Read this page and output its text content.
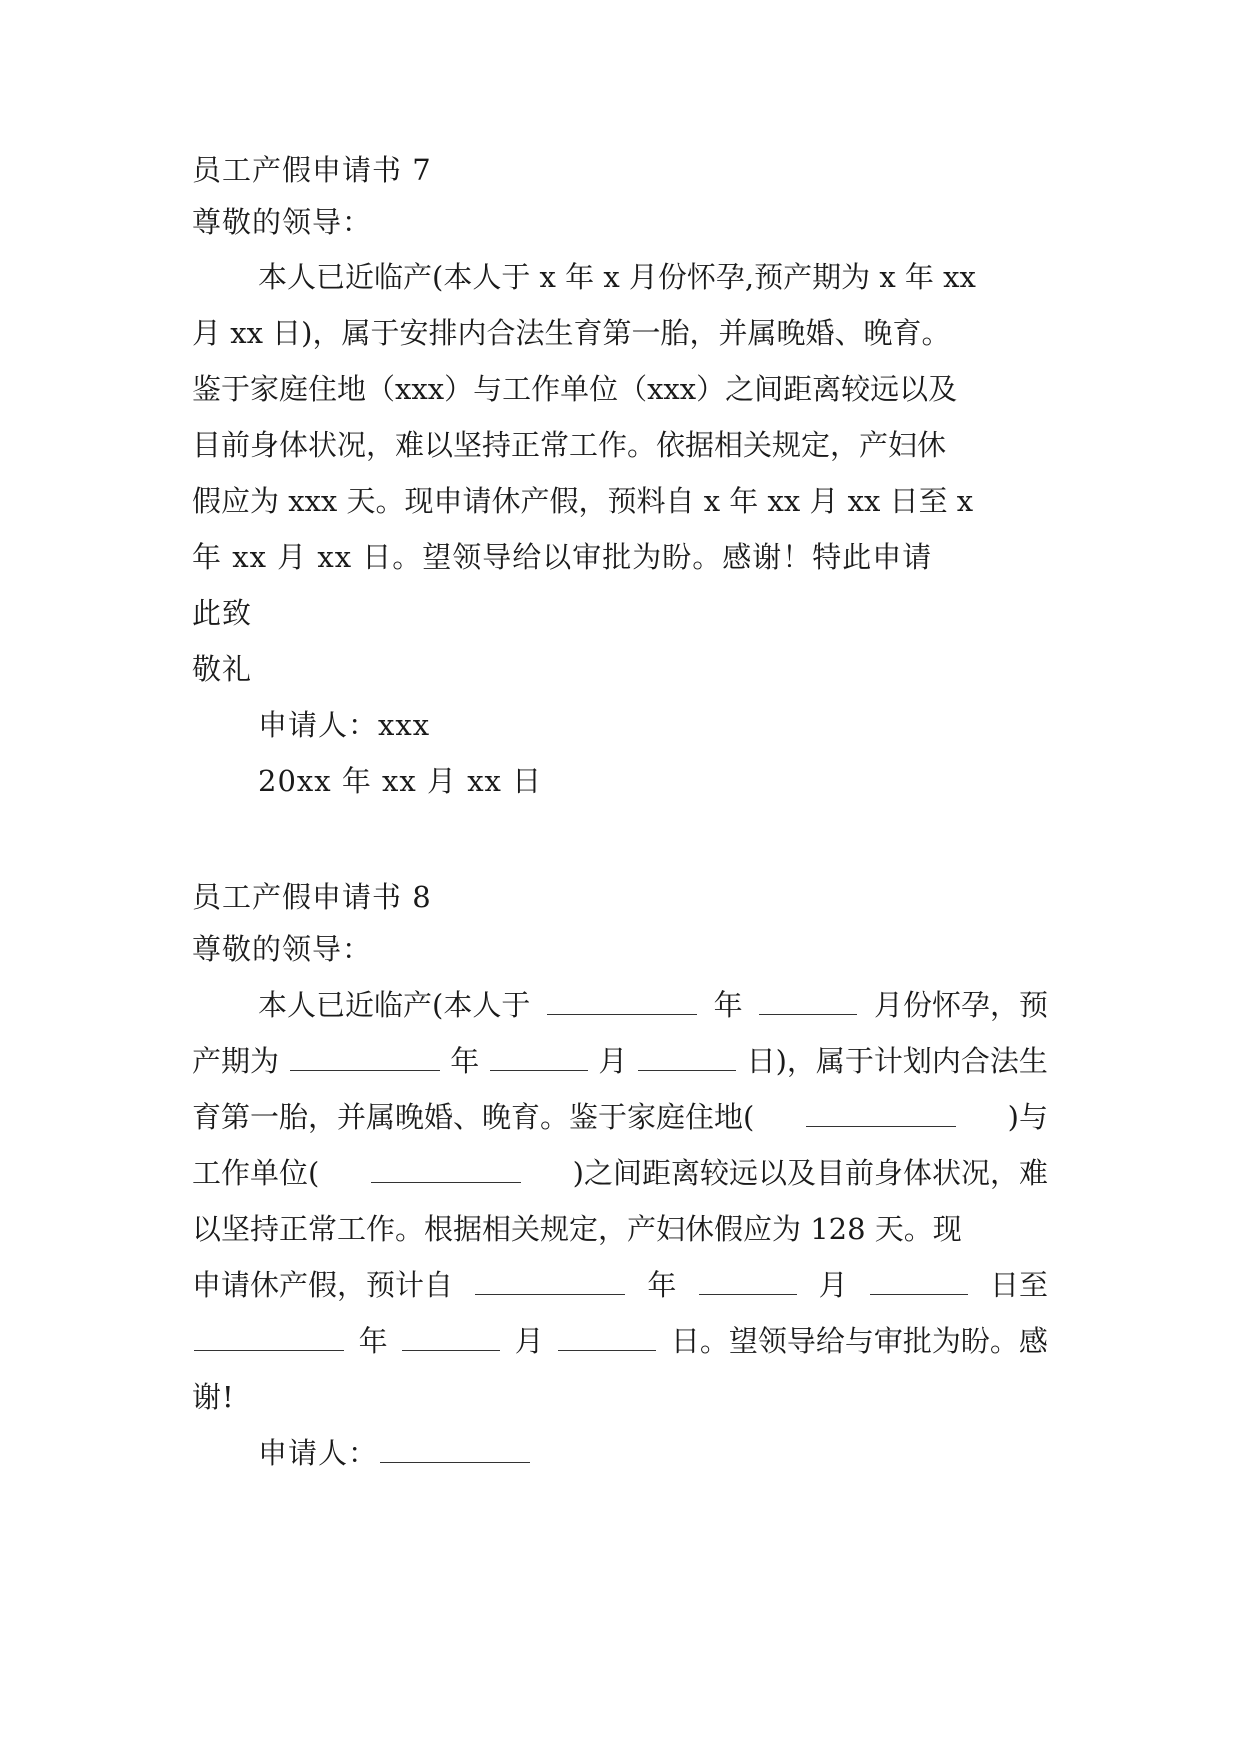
员工产假申请书 7
尊敬的领导：
本人已近临产(本人于 x 年 x 月份怀孕,预产期为 x 年 xx
月 xx 日)，属于安排内合法生育第一胎，并属晚婚、晚育。
鉴于家庭住地（xxx）与工作单位（xxx）之间距离较远以及
目前身体状况，难以坚持正常工作。依据相关规定，产妇休
假应为 xxx 天。现申请休产假，预料自 x 年 xx 月 xx 日至 x
年 xx 月 xx 日。望领导给以审批为盼。感谢！特此申请
此致
敬礼
申请人：xxx
20xx 年 xx 月 xx 日
员工产假申请书 8
尊敬的领导：
本人已近临产(本人于	年	月份怀孕，预
产期为	年	月	日)，属于计划内合法生
育第一胎，并属晚婚、晚育。鉴于家庭住地(	)与
工作单位(	)之间距离较远以及目前身体状况，难
以坚持正常工作。根据相关规定，产妇休假应为 128 天。现
申请休产假，预计自	年	月	日至
年	月	日。望领导给与审批为盼。感
谢!
申请人：
